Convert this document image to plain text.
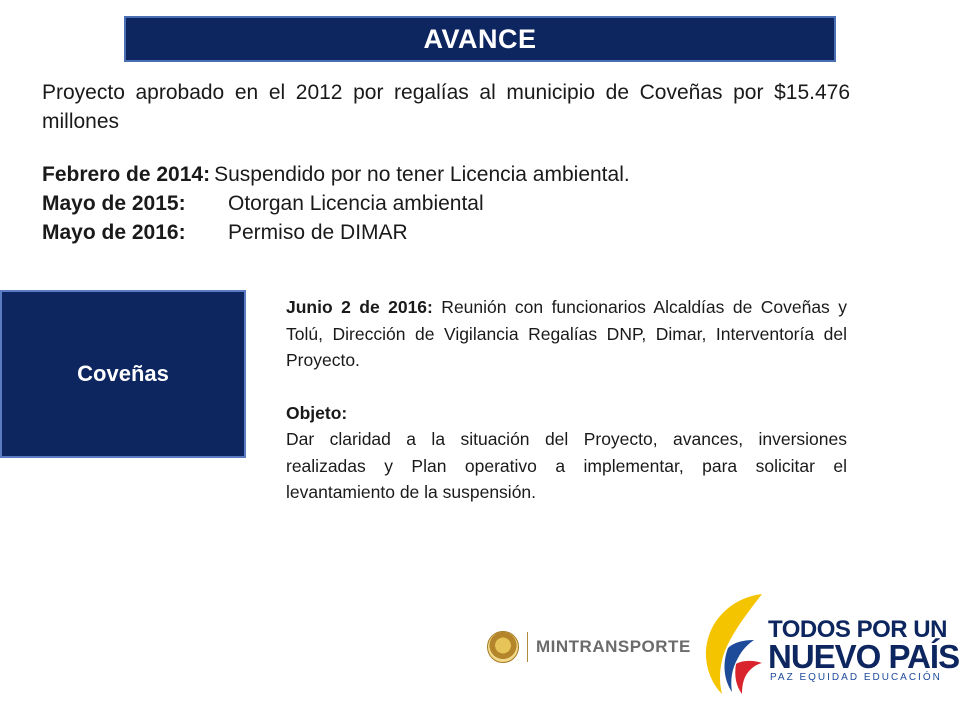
AVANCE
Proyecto aprobado en el 2012 por regalías al municipio de Coveñas por $15.476 millones
Febrero de 2014: Suspendido por no tener Licencia ambiental.
Mayo de 2015:	Otorgan Licencia ambiental
Mayo de 2016:	Permiso de DIMAR
Coveñas

Junio 2 de 2016: Reunión con funcionarios Alcaldías de Coveñas y Tolú, Dirección de Vigilancia Regalías DNP, Dimar, Interventoría del Proyecto.

Objeto:

Dar claridad a la situación del Proyecto, avances, inversiones realizadas y Plan operativo a implementar, para solicitar el levantamiento de la suspensión.

MINTRANSPORTE
TODOS POR UN
NUEVO PAÍS
PAZ EQUIDAD EDUCACIÓN
